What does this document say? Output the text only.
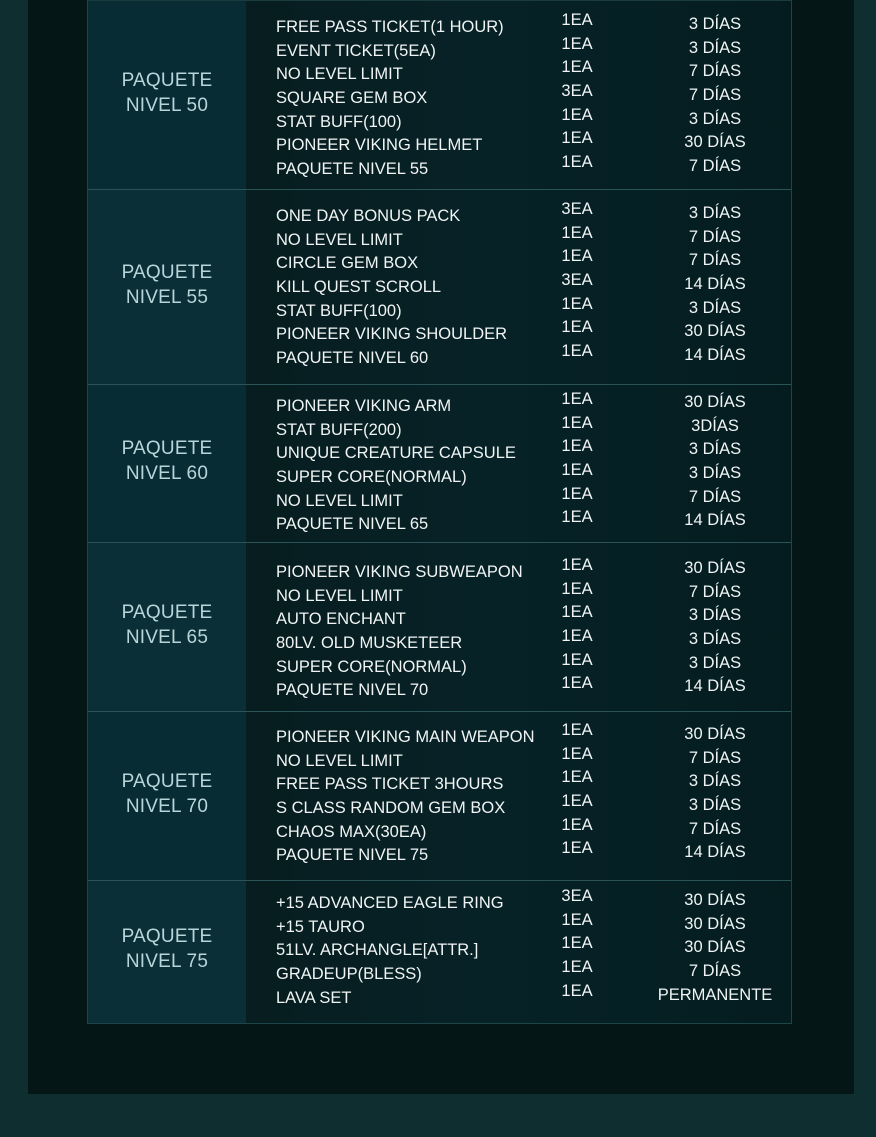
PAQUETE
NIVEL 50
FREE PASS TICKET(1 HOUR)
EVENT TICKET(5EA)
NO LEVEL LIMIT
SQUARE GEM BOX
STAT BUFF(100)
PIONEER VIKING HELMET
PAQUETE NIVEL 55
1EA
1EA
1EA
3EA
1EA
1EA
1EA
3 DÍAS
3 DÍAS
7 DÍAS
7 DÍAS
3 DÍAS
30 DÍAS
7 DÍAS
PAQUETE
NIVEL 55
ONE DAY BONUS PACK
NO LEVEL LIMIT
CIRCLE GEM BOX
KILL QUEST SCROLL
STAT BUFF(100)
PIONEER VIKING SHOULDER
PAQUETE NIVEL 60
3EA
1EA
1EA
3EA
1EA
1EA
1EA
3 DÍAS
7 DÍAS
7 DÍAS
14 DÍAS
3 DÍAS
30 DÍAS
14 DÍAS
PAQUETE
NIVEL 60
PIONEER VIKING ARM
STAT BUFF(200)
UNIQUE CREATURE CAPSULE
SUPER CORE(NORMAL)
NO LEVEL LIMIT
PAQUETE NIVEL 65
1EA
1EA
1EA
1EA
1EA
1EA
30 DÍAS
3DÍAS
3 DÍAS
3 DÍAS
7 DÍAS
14 DÍAS
PAQUETE
NIVEL 65
PIONEER VIKING SUBWEAPON
NO LEVEL LIMIT
AUTO ENCHANT
80LV. OLD MUSKETEER
SUPER CORE(NORMAL)
PAQUETE NIVEL 70
1EA
1EA
1EA
1EA
1EA
1EA
30 DÍAS
7 DÍAS
3 DÍAS
3 DÍAS
3 DÍAS
14 DÍAS
PAQUETE
NIVEL 70
PIONEER VIKING MAIN WEAPON
NO LEVEL LIMIT
FREE PASS TICKET 3HOURS
S CLASS RANDOM GEM BOX
CHAOS MAX(30EA)
PAQUETE NIVEL 75
1EA
1EA
1EA
1EA
1EA
1EA
30 DÍAS
7 DÍAS
3 DÍAS
3 DÍAS
7 DÍAS
14 DÍAS
PAQUETE
NIVEL 75
+15 ADVANCED EAGLE RING
+15 TAURO
51LV. ARCHANGLE[ATTR.]
GRADEUP(BLESS)
LAVA SET
3EA
1EA
1EA
1EA
1EA
30 DÍAS
30 DÍAS
30 DÍAS
7 DÍAS
PERMANENTE
